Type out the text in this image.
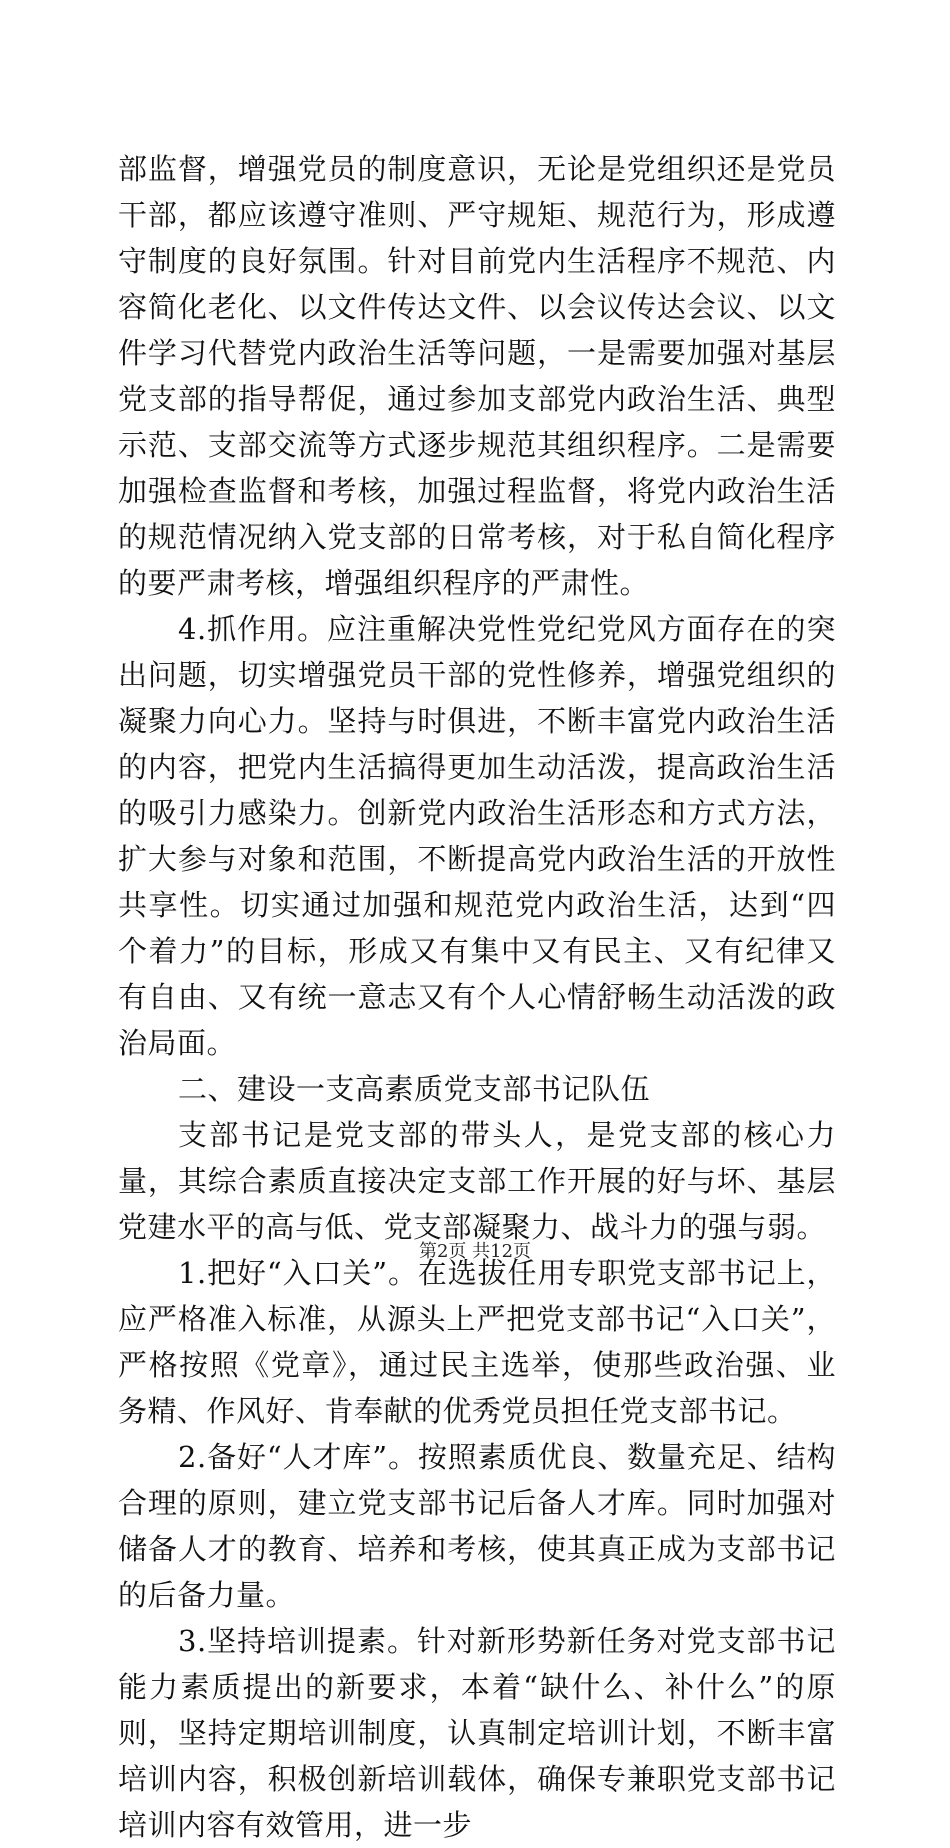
部监督，增强党员的制度意识，无论是党组织还是党员干部，都应该遵守准则、严守规矩、规范行为，形成遵守制度的良好氛围。针对目前党内生活程序不规范、内容简化老化、以文件传达文件、以会议传达会议、以文件学习代替党内政治生活等问题，一是需要加强对基层党支部的指导帮促，通过参加支部党内政治生活、典型示范、支部交流等方式逐步规范其组织程序。二是需要加强检查监督和考核，加强过程监督，将党内政治生活的规范情况纳入党支部的日常考核，对于私自简化程序的要严肃考核，增强组织程序的严肃性。

4.抓作用。应注重解决党性党纪党风方面存在的突出问题，切实增强党员干部的党性修养，增强党组织的凝聚力向心力。坚持与时俱进，不断丰富党内政治生活的内容，把党内生活搞得更加生动活泼，提高政治生活的吸引力感染力。创新党内政治生活形态和方式方法，扩大参与对象和范围，不断提高党内政治生活的开放性共享性。切实通过加强和规范党内政治生活，达到“四个着力”的目标，形成又有集中又有民主、又有纪律又有自由、又有统一意志又有个人心情舒畅生动活泼的政治局面。

二、建设一支高素质党支部书记队伍

支部书记是党支部的带头人，是党支部的核心力量，其综合素质直接决定支部工作开展的好与坏、基层党建水平的高与低、党支部凝聚力、战斗力的强与弱。

1.把好“入口关”。在选拔任用专职党支部书记上，应严格准入标准，从源头上严把党支部书记“入口关”，严格按照《党章》，通过民主选举，使那些政治强、业务精、作风好、肯奉献的优秀党员担任党支部书记。

2.备好“人才库”。按照素质优良、数量充足、结构合理的原则，建立党支部书记后备人才库。同时加强对储备人才的教育、培养和考核，使其真正成为支部书记的后备力量。

3.坚持培训提素。针对新形势新任务对党支部书记能力素质提出的新要求，本着“缺什么、补什么”的原则，坚持定期培训制度，认真制定培训计划，不断丰富培训内容，积极创新培训载体，确保专兼职党支部书记培训内容有效管用，进一步

第2页 共12页
